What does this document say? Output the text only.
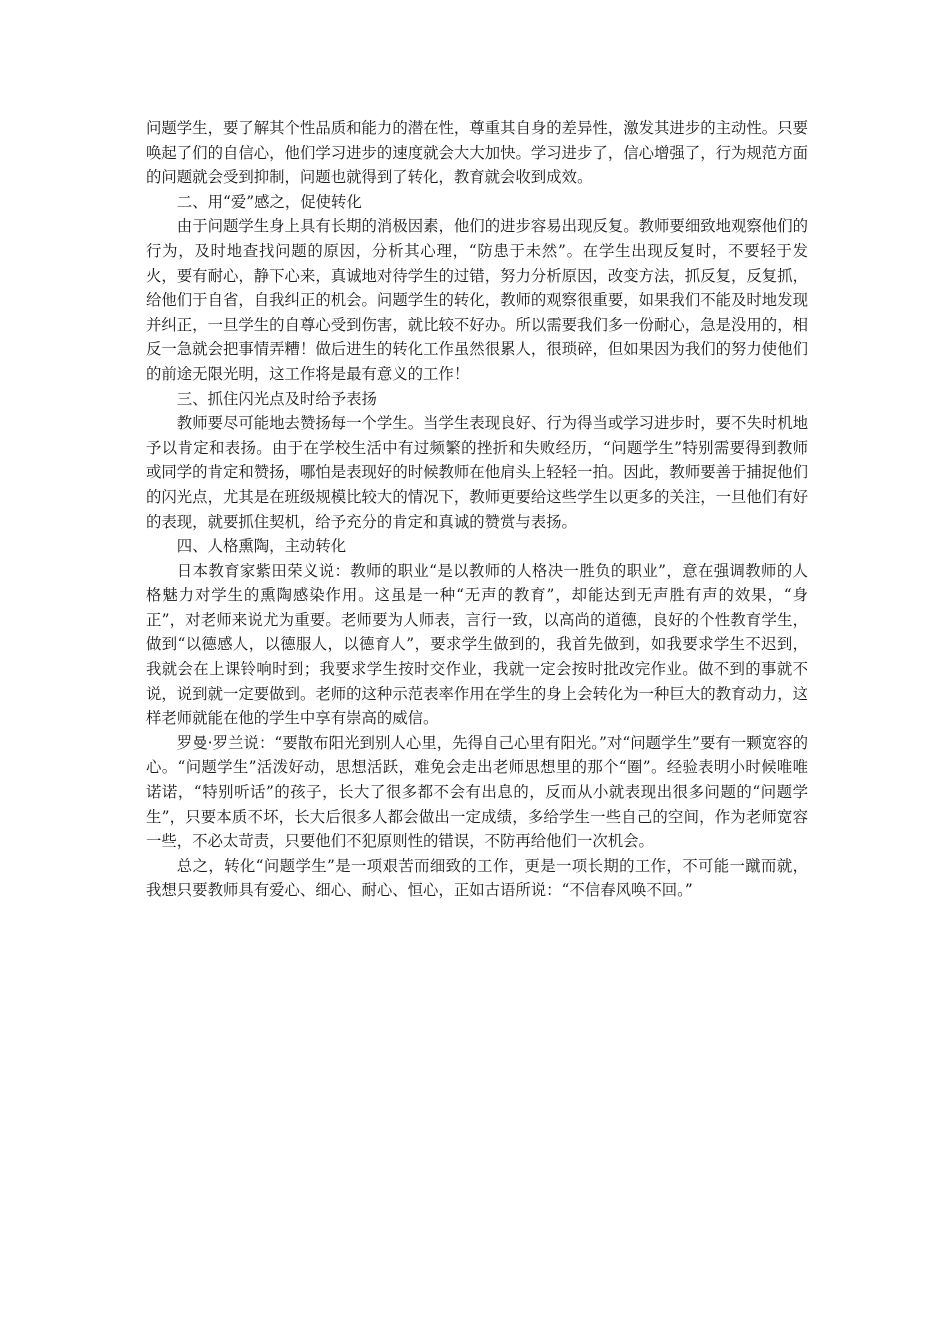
问题学生，要了解其个性品质和能力的潜在性，尊重其自身的差异性，激发其进步的主动性。只要唤起了们的自信心，他们学习进步的速度就会大大加快。学习进步了，信心增强了，行为规范方面的问题就会受到抑制，问题也就得到了转化，教育就会收到成效。

二、用“爱”感之，促使转化

由于问题学生身上具有长期的消极因素，他们的进步容易出现反复。教师要细致地观察他们的行为，及时地查找问题的原因，分析其心理，“防患于未然”。在学生出现反复时，不要轻于发火，要有耐心，静下心来，真诚地对待学生的过错，努力分析原因，改变方法，抓反复，反复抓，给他们于自省，自我纠正的机会。问题学生的转化，教师的观察很重要，如果我们不能及时地发现并纠正，一旦学生的自尊心受到伤害，就比较不好办。所以需要我们多一份耐心，急是没用的，相反一急就会把事情弄糟！做后进生的转化工作虽然很累人，很琐碎，但如果因为我们的努力使他们的前途无限光明，这工作将是最有意义的工作！

三、抓住闪光点及时给予表扬

教师要尽可能地去赞扬每一个学生。当学生表现良好、行为得当或学习进步时，要不失时机地予以肯定和表扬。由于在学校生活中有过频繁的挫折和失败经历，“问题学生”特别需要得到教师或同学的肯定和赞扬，哪怕是表现好的时候教师在他肩头上轻轻一拍。因此，教师要善于捕捉他们的闪光点，尤其是在班级规模比较大的情况下，教师更要给这些学生以更多的关注，一旦他们有好的表现，就要抓住契机，给予充分的肯定和真诚的赞赏与表扬。

四、人格熏陶，主动转化

日本教育家紫田荣义说：教师的职业“是以教师的人格决一胜负的职业”，意在强调教师的人格魅力对学生的熏陶感染作用。这虽是一种“无声的教育”，却能达到无声胜有声的效果，“身正”，对老师来说尤为重要。老师要为人师表，言行一致，以高尚的道德，良好的个性教育学生，做到“以德感人，以德服人，以德育人”，要求学生做到的，我首先做到，如我要求学生不迟到，我就会在上课铃响时到；我要求学生按时交作业，我就一定会按时批改完作业。做不到的事就不说，说到就一定要做到。老师的这种示范表率作用在学生的身上会转化为一种巨大的教育动力，这样老师就能在他的学生中享有崇高的威信。

罗曼·罗兰说：“要散布阳光到别人心里，先得自己心里有阳光。”对“问题学生”要有一颗宽容的心。“问题学生”活泼好动，思想活跃，难免会走出老师思想里的那个“圈”。经验表明小时候唯唯诺诺，“特别听话”的孩子，长大了很多都不会有出息的，反而从小就表现出很多问题的“问题学生”，只要本质不坏，长大后很多人都会做出一定成绩，多给学生一些自己的空间，作为老师宽容一些，不必太苛责，只要他们不犯原则性的错误，不防再给他们一次机会。

总之，转化“问题学生”是一项艰苦而细致的工作，更是一项长期的工作，不可能一蹴而就，我想只要教师具有爱心、细心、耐心、恒心，正如古语所说：“不信春风唤不回。”
